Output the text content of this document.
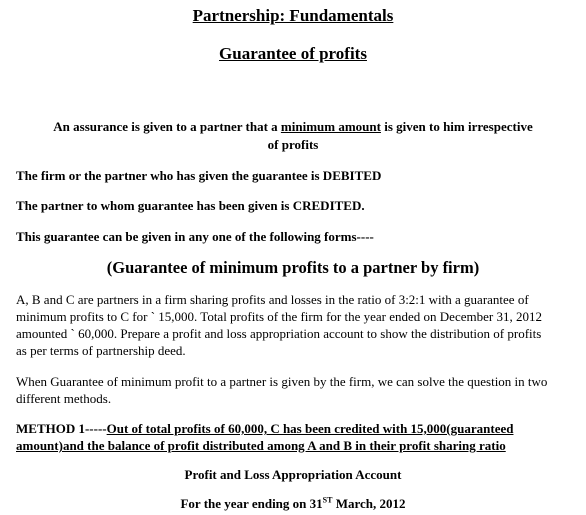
Partnership: Fundamentals
Guarantee of profits
An assurance is given to a partner that a minimum amount is given to him irrespective
of profits
The firm or the partner who has given the guarantee is DEBITED
The partner to whom guarantee has been given is CREDITED.
This guarantee can be given in any one of the following forms----
(Guarantee of minimum profits to a partner by firm)
A, B and C are partners in a firm sharing profits and losses in the ratio of 3:2:1 with a guarantee of
minimum profits to C for ` 15,000. Total profits of the firm for the year ended on December 31, 2012
amounted ` 60,000. Prepare a profit and loss appropriation account to show the distribution of profits
as per terms of partnership deed.
When Guarantee of minimum profit to a partner is given by the firm, we can solve the question in two
different methods.
METHOD 1-----Out of total profits of 60,000, C has been credited with 15,000(guaranteed
amount)and the balance of profit distributed among A and B in their profit sharing ratio
Profit and Loss Appropriation Account
For the year ending on 31ST March, 2012
